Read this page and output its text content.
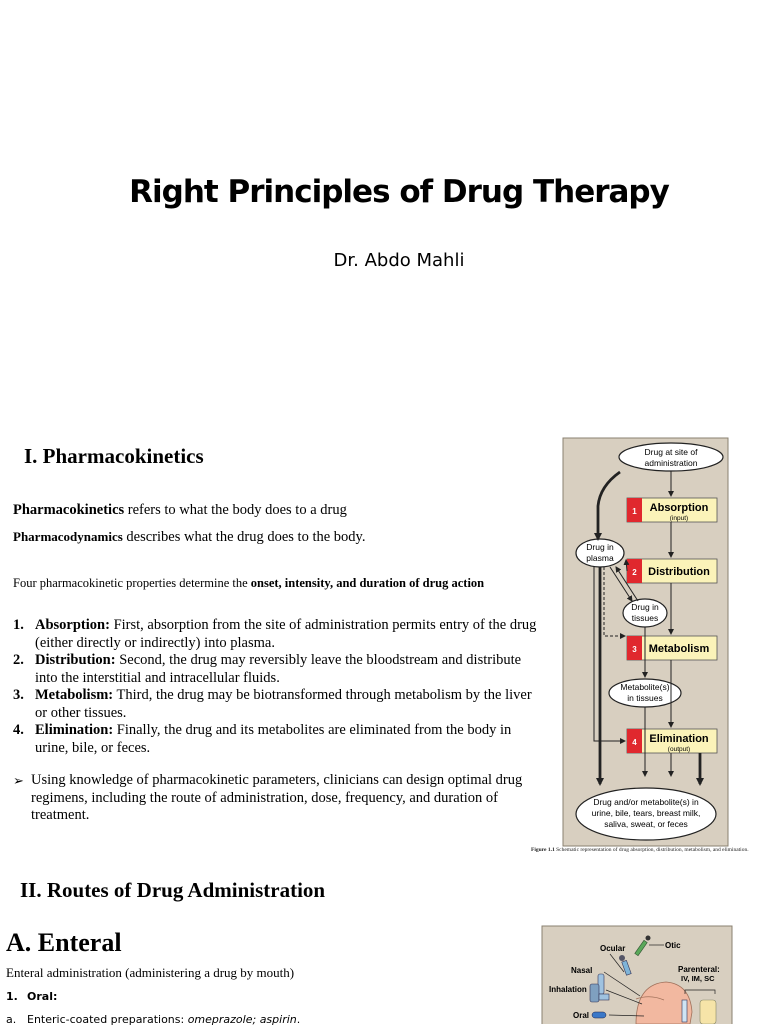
Right Principles of Drug Therapy
Dr. Abdo Mahli
I. Pharmacokinetics
Pharmacokinetics refers to what the body does to a drug
Pharmacodynamics describes what the drug does to the body.
Four pharmacokinetic properties determine the onset, intensity, and duration of drug action
1. Absorption: First, absorption from the site of administration permits entry of the drug (either directly or indirectly) into plasma.
2. Distribution: Second, the drug may reversibly leave the bloodstream and distribute into the interstitial and intracellular fluids.
3. Metabolism: Third, the drug may be biotransformed through metabolism by the liver or other tissues.
4. Elimination: Finally, the drug and its metabolites are eliminated from the body in urine, bile, or feces.
➢ Using knowledge of pharmacokinetic parameters, clinicians can design optimal drug regimens, including the route of administration, dose, frequency, and duration of treatment.
Drug at site of
administration
Drug in
plasma
Drug in
tissues
Metabolite(s)
in tissues
Drug and/or metabolite(s) in
urine, bile, tears, breast milk,
saliva, sweat, or feces
1 Absorption
(input)
2 Distribution
3 Metabolism
4 Elimination
(output)
Figure 1.1 Schematic representation of drug absorption, distribution, metabolism, and elimination.
II. Routes of Drug Administration
A. Enteral
Enteral administration (administering a drug by mouth)
1. Oral:
a. Enteric-coated preparations: omeprazole; aspirin.
Ocular	Otic
Nasal	Parenteral:
IV, IM, SC
Inhalation
Oral
